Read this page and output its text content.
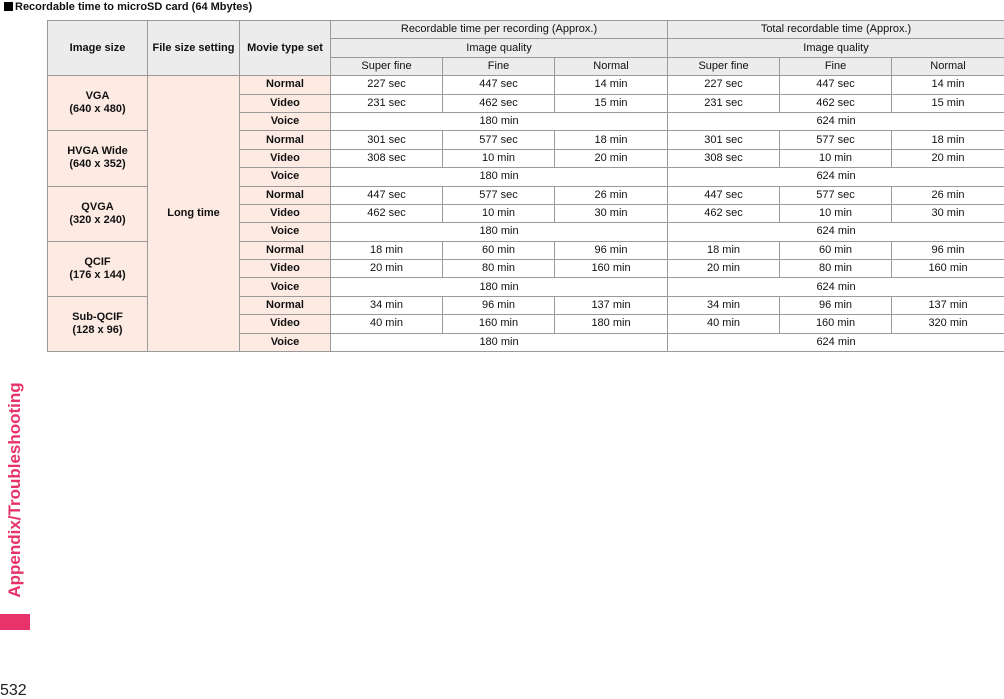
Recordable time to microSD card (64 Mbytes)
Image size	File size setting	Movie type set	Recordable time per recording (Approx.)			Total recordable time (Approx.)		
			Image quality			Image quality		
			Super fine	Fine	Normal	Super fine	Fine	Normal
VGA
(640 x 480)	Long time	Normal	227 sec	447 sec	14 min	227 sec	447 sec	14 min
		Video	231 sec	462 sec	15 min	231 sec	462 sec	15 min
		Voice	180 min			624 min		
HVGA Wide
(640 x 352)		Normal	301 sec	577 sec	18 min	301 sec	577 sec	18 min
		Video	308 sec	10 min	20 min	308 sec	10 min	20 min
		Voice	180 min			624 min		
QVGA
(320 x 240)		Normal	447 sec	577 sec	26 min	447 sec	577 sec	26 min
		Video	462 sec	10 min	30 min	462 sec	10 min	30 min
		Voice	180 min			624 min		
QCIF
(176 x 144)		Normal	18 min	60 min	96 min	18 min	60 min	96 min
		Video	20 min	80 min	160 min	20 min	80 min	160 min
		Voice	180 min			624 min		
Sub-QCIF
(128 x 96)		Normal	34 min	96 min	137 min	34 min	96 min	137 min
		Video	40 min	160 min	180 min	40 min	160 min	320 min
		Voice	180 min			624 min		
Appendix/Troubleshooting
532
